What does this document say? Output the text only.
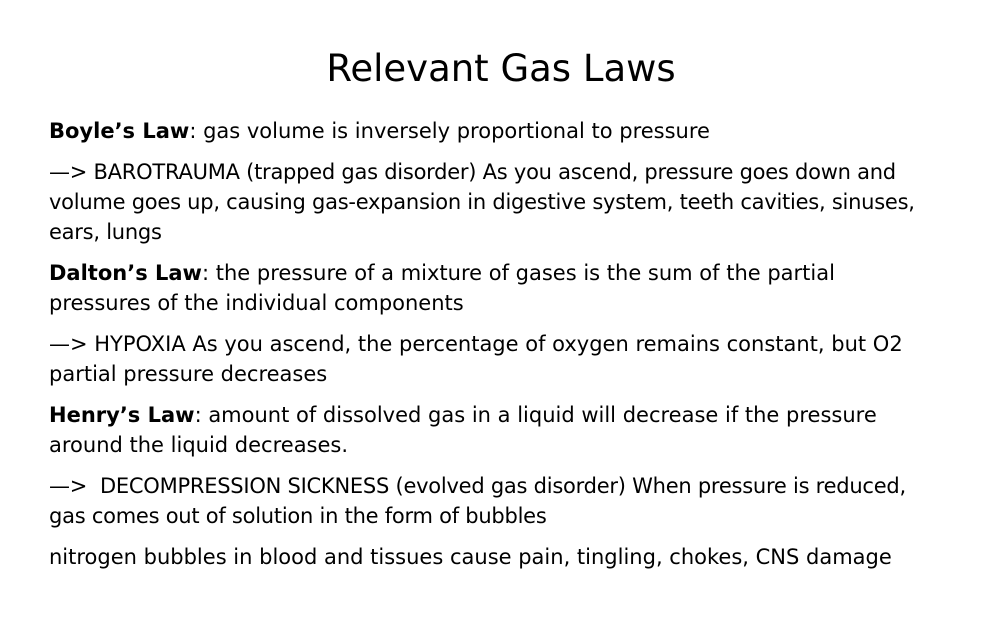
Relevant Gas Laws

Boyle’s Law: gas volume is inversely proportional to pressure

—> BAROTRAUMA (trapped gas disorder) As you ascend, pressure goes down and
volume goes up, causing gas-expansion in digestive system, teeth cavities, sinuses,
ears, lungs

Dalton’s Law: the pressure of a mixture of gases is the sum of the partial
pressures of the individual components

—> HYPOXIA As you ascend, the percentage of oxygen remains constant, but O2
partial pressure decreases

Henry’s Law: amount of dissolved gas in a liquid will decrease if the pressure
around the liquid decreases.

—>  DECOMPRESSION SICKNESS (evolved gas disorder) When pressure is reduced,
gas comes out of solution in the form of bubbles

nitrogen bubbles in blood and tissues cause pain, tingling, chokes, CNS damage
